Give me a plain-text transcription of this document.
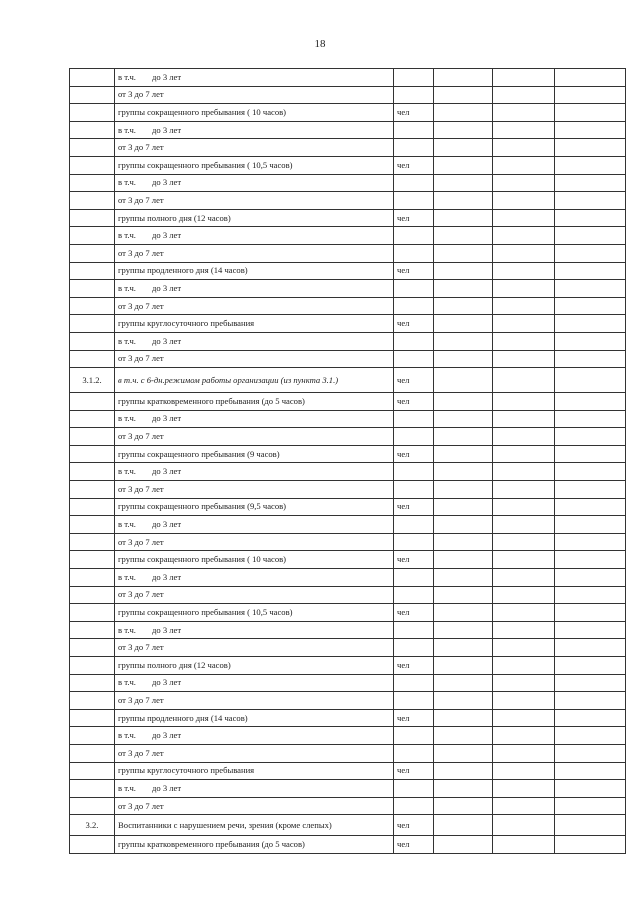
18
	в т.ч. до 3 лет				
	от 3 до 7 лет				
	группы сокращенного пребывания ( 10 часов)	чел			
	в т.ч. до 3 лет				
	от 3 до 7 лет				
	группы сокращенного пребывания ( 10,5 часов)	чел			
	в т.ч. до 3 лет				
	от 3 до 7 лет				
	группы полного дня (12 часов)	чел			
	в т.ч. до 3 лет				
	от 3 до 7 лет				
	группы продленного дня (14 часов)	чел			
	в т.ч. до 3 лет				
	от 3 до 7 лет				
	группы круглосуточного пребывания	чел			
	в т.ч. до 3 лет				
	от 3 до 7 лет				
3.1.2.	в т.ч. с 6-дн.режимом работы организации (из пункта 3.1.)	чел			
	группы кратковременного пребывания (до 5 часов)	чел			
	в т.ч. до 3 лет				
	от 3 до 7 лет				
	группы сокращенного пребывания (9 часов)	чел			
	в т.ч. до 3 лет				
	от 3 до 7 лет				
	группы сокращенного пребывания (9,5 часов)	чел			
	в т.ч. до 3 лет				
	от 3 до 7 лет				
	группы сокращенного пребывания ( 10 часов)	чел			
	в т.ч. до 3 лет				
	от 3 до 7 лет				
	группы сокращенного пребывания ( 10,5 часов)	чел			
	в т.ч. до 3 лет				
	от 3 до 7 лет				
	группы полного дня (12 часов)	чел			
	в т.ч. до 3 лет				
	от 3 до 7 лет				
	группы продленного дня (14 часов)	чел			
	в т.ч. до 3 лет				
	от 3 до 7 лет				
	группы круглосуточного пребывания	чел			
	в т.ч. до 3 лет				
	от 3 до 7 лет				
3.2.	Воспитанники с нарушением речи, зрения (кроме слепых)	чел			
	группы кратковременного пребывания (до 5 часов)	чел			
